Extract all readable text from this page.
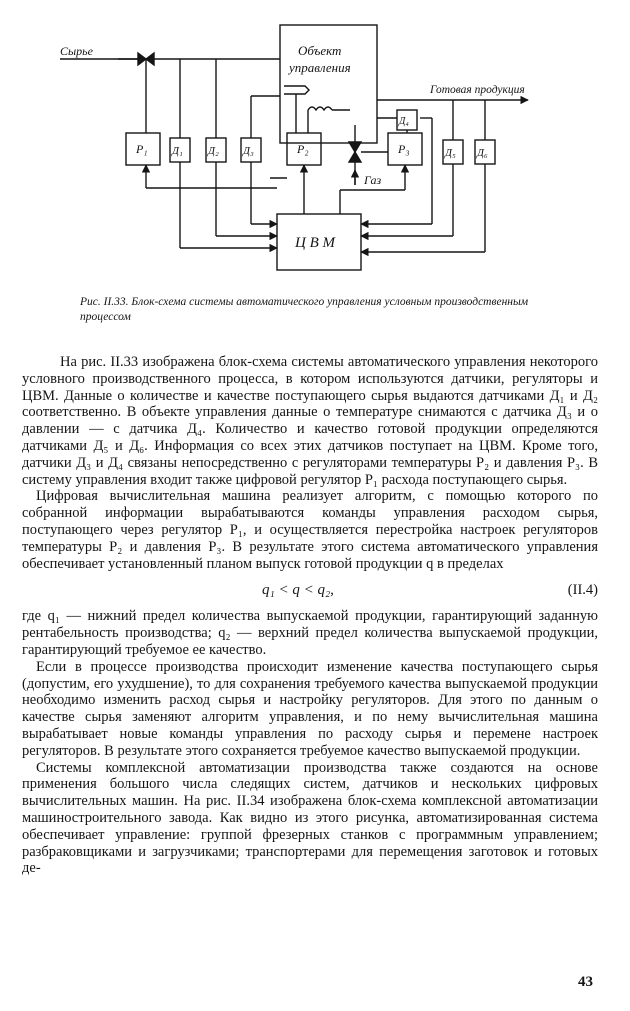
Сырье	Объект
управления
Готовая продукция
Газ
Ц В М
Р₁ Д₁ Д₂ Д₃	Р₂
Д₄
Р₃	Д₅ Д₆

Рис. II.33. Блок-схема системы автоматического управления условным производственным процессом

На рис. II.33 изображена блок-схема системы автоматического управления некоторого условного производственного процесса, в котором используются датчики, регуляторы и ЦВМ. Данные о количестве и качестве поступающего сырья выдаются датчиками Д₁ и Д₂ соответственно. В объекте управления данные о температуре снимаются с датчика Д₃ и о давлении — с датчика Д₄. Количество и качество готовой продукции определяются датчиками Д₅ и Д₆. Информация со всех этих датчиков поступает на ЦВМ. Кроме того, датчики Д₃ и Д₄ связаны непосредственно с регуляторами температуры Р₂ и давления Р₃. В систему управления входит также цифровой регулятор Р₁ расхода поступающего сырья.

Цифровая вычислительная машина реализует алгоритм, с помощью которого по собранной информации вырабатываются команды управления расходом сырья, поступающего через регулятор Р₁, и осуществляется перестройка настроек регуляторов температуры Р₂ и давления Р₃. В результате этого система автоматического управления обеспечивает установленный планом выпуск готовой продукции q в пределах

q₁ < q < q₂,	(II.4)

где q₁ — нижний предел количества выпускаемой продукции, гарантирующий заданную рентабельность производства; q₂ — верхний предел количества выпускаемой продукции, гарантирующий требуемое ее качество.

Если в процессе производства происходит изменение качества поступающего сырья (допустим, его ухудшение), то для сохранения требуемого качества выпускаемой продукции необходимо изменить расход сырья и настройку регуляторов. Для этого по данным о качестве сырья заменяют алгоритм управления, и по нему вычислительная машина вырабатывает новые команды управления по расходу сырья и перемене настроек регуляторов. В результате этого сохраняется требуемое качество выпускаемой продукции.

Системы комплексной автоматизации производства также создаются на основе применения большого числа следящих систем, датчиков и нескольких цифровых вычислительных машин. На рис. II.34 изображена блок-схема комплексной автоматизации машиностроительного завода. Как видно из этого рисунка, автоматизированная система обеспечивает управление: группой фрезерных станков с программным управлением; разбраковщиками и загрузчиками; транспортерами для перемещения заготовок и готовых де-

43
